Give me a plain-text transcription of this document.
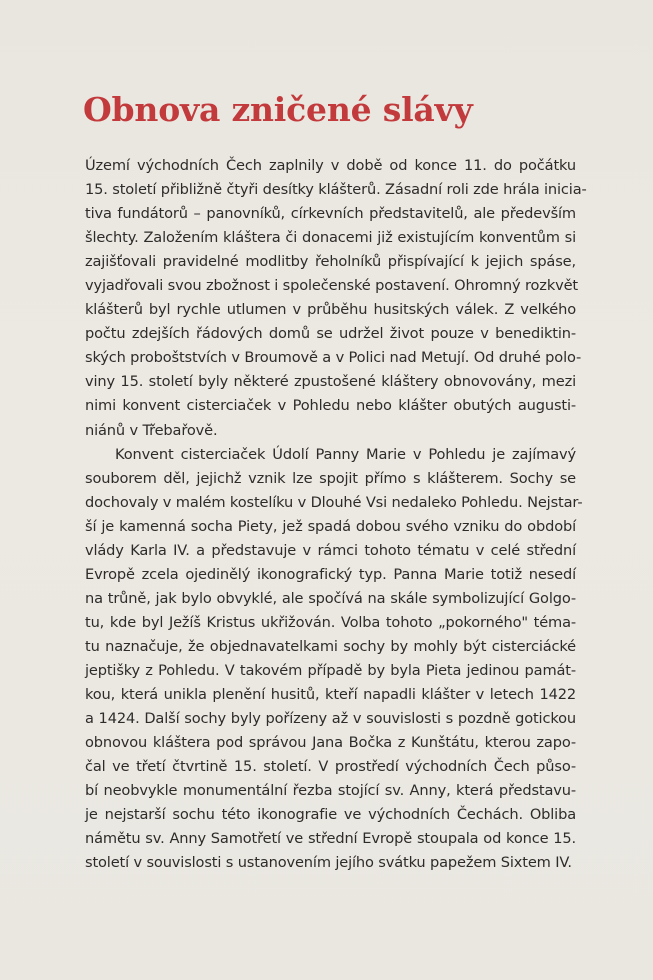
Obnova zničené slávy
Území východních Čech zaplnily v době od konce 11. do počátku
15. století přibližně čtyři desítky klášterů. Zásadní roli zde hrála inicia-
tiva fundátorů – panovníků, církevních představitelů, ale především
šlechty. Založením kláštera či donacemi již existujícím konventům si
zajišťovali pravidelné modlitby řeholníků přispívající k jejich spáse,
vyjadřovali svou zbožnost i společenské postavení. Ohromný rozkvět
klášterů byl rychle utlumen v průběhu husitských válek. Z velkého
počtu zdejších řádových domů se udržel život pouze v benediktin-
ských proboštstvích v Broumově a v Polici nad Metují. Od druhé polo-
viny 15. století byly některé zpustošené kláštery obnovovány, mezi
nimi konvent cisterciaček v Pohledu nebo klášter obutých augusti-
niánů v Třebařově.
Konvent cisterciaček Údolí Panny Marie v Pohledu je zajímavý
souborem děl, jejichž vznik lze spojit přímo s klášterem. Sochy se
dochovaly v malém kostelíku v Dlouhé Vsi nedaleko Pohledu. Nejstar-
ší je kamenná socha Piety, jež spadá dobou svého vzniku do období
vlády Karla IV. a představuje v rámci tohoto tématu v celé střední
Evropě zcela ojedinělý ikonografický typ. Panna Marie totiž nesedí
na trůně, jak bylo obvyklé, ale spočívá na skále symbolizující Golgo-
tu, kde byl Ježíš Kristus ukřižován. Volba tohoto „pokorného" téma-
tu naznačuje, že objednavatelkami sochy by mohly být cisterciácké
jeptišky z Pohledu. V takovém případě by byla Pieta jedinou památ-
kou, která unikla plenění husitů, kteří napadli klášter v letech 1422
a 1424. Další sochy byly pořízeny až v souvislosti s pozdně gotickou
obnovou kláštera pod správou Jana Bočka z Kunštátu, kterou zapo-
čal ve třetí čtvrtině 15. století. V prostředí východních Čech půso-
bí neobvykle monumentální řezba stojící sv. Anny, která představu-
je nejstarší sochu této ikonografie ve východních Čechách. Obliba
námětu sv. Anny Samotřetí ve střední Evropě stoupala od konce 15.
století v souvislosti s ustanovením jejího svátku papežem Sixtem IV.
